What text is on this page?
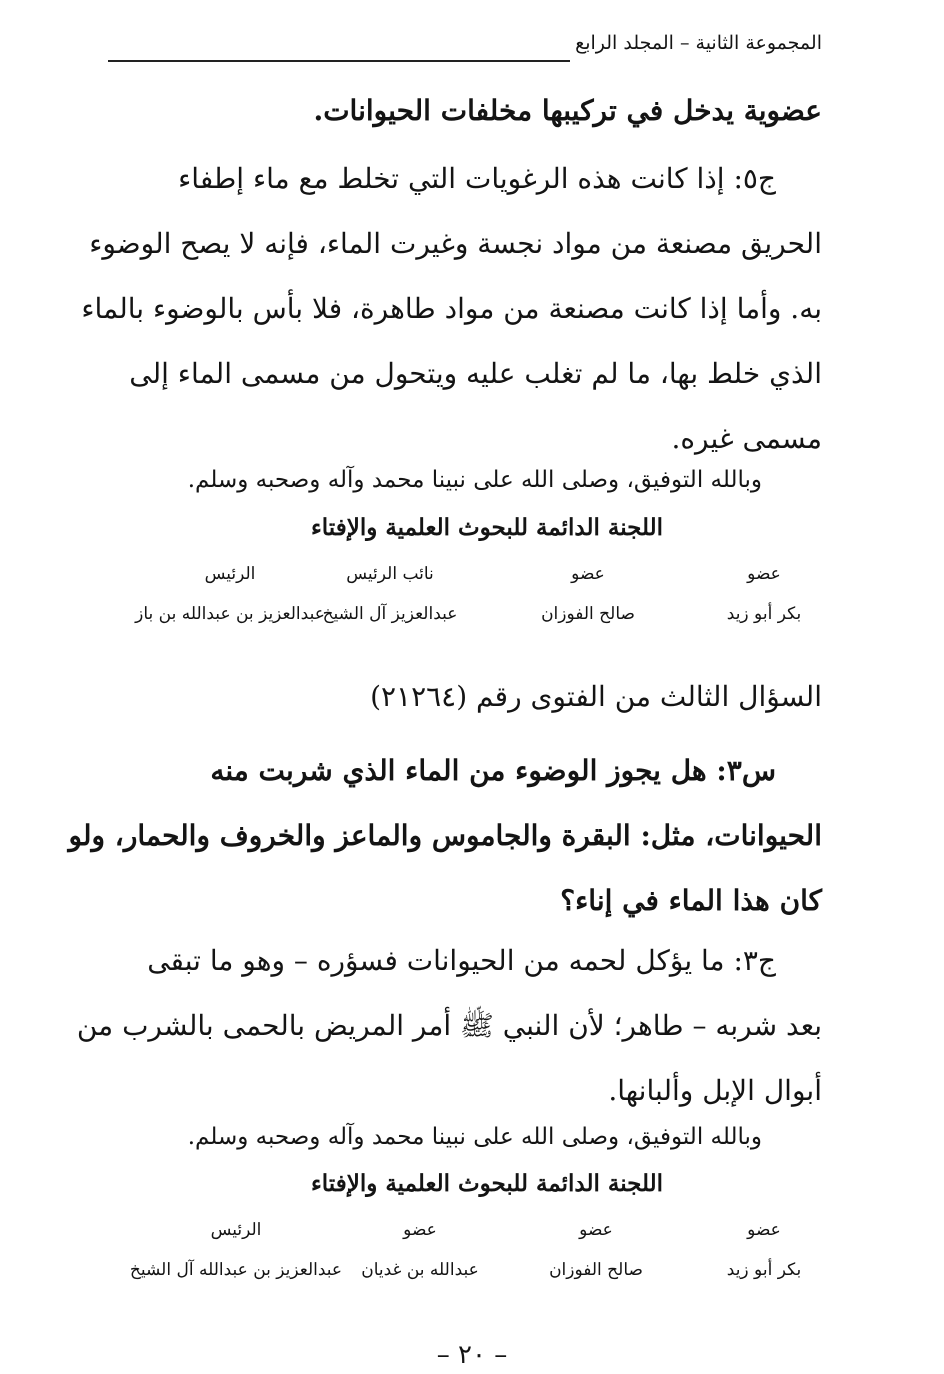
المجموعة الثانية – المجلد الرابع
عضوية يدخل في تركيبها مخلفات الحيوانات.
ج٥: إذا كانت هذه الرغويات التي تخلط مع ماء إطفاء
الحريق مصنعة من مواد نجسة وغيرت الماء، فإنه لا يصح الوضوء
به. وأما إذا كانت مصنعة من مواد طاهرة، فلا بأس بالوضوء بالماء
الذي خلط بها، ما لم تغلب عليه ويتحول من مسمى الماء إلى
مسمى غيره.
وبالله التوفيق، وصلى الله على نبينا محمد وآله وصحبه وسلم.
اللجنة الدائمة للبحوث العلمية والإفتاء
عضو
بكر أبو زيد
عضو
صالح الفوزان
نائب الرئيس
عبدالعزيز آل الشيخ
الرئيس
عبدالعزيز بن عبدالله بن باز
السؤال الثالث من الفتوى رقم (٢١٢٦٤)
س٣: هل يجوز الوضوء من الماء الذي شربت منه
الحيوانات، مثل: البقرة والجاموس والماعز والخروف والحمار، ولو
كان هذا الماء في إناء؟
ج٣: ما يؤكل لحمه من الحيوانات فسؤره – وهو ما تبقى
بعد شربه – طاهر؛ لأن النبي ﷺ أمر المريض بالحمى بالشرب من
أبوال الإبل وألبانها.
وبالله التوفيق، وصلى الله على نبينا محمد وآله وصحبه وسلم.
اللجنة الدائمة للبحوث العلمية والإفتاء
عضو
بكر أبو زيد
عضو
صالح الفوزان
عضو
عبدالله بن غديان
الرئيس
عبدالعزيز بن عبدالله آل الشيخ
– ٢٠ –
